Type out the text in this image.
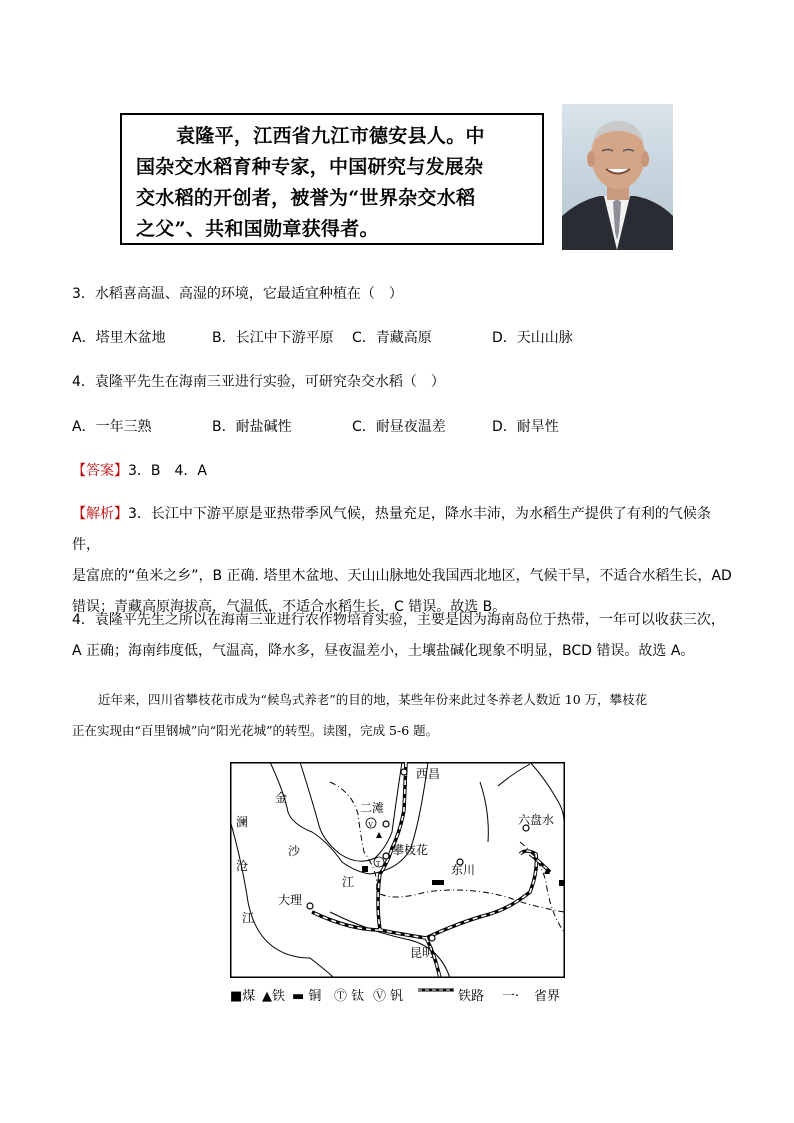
袁隆平，江西省九江市德安县人。中
国杂交水稻育种专家，中国研究与发展杂
交水稻的开创者，被誉为“世界杂交水稻
之父”、共和国勋章获得者。
3．水稻喜高温、高湿的环境，它最适宜种植在（　）
A．塔里木盆地	B．长江中下游平原 C．青藏高原	D．天山山脉
4．袁隆平先生在海南三亚进行实验，可研究杂交水稻（　）
A．一年三熟	B．耐盐碱性	C．耐昼夜温差	D．耐旱性
【答案】3．B　4．A
【解析】3．长江中下游平原是亚热带季风气候，热量充足，降水丰沛，为水稻生产提供了有利的气候条件，
是富庶的“鱼米之乡”，B 正确. 塔里木盆地、天山山脉地处我国西北地区，气候干旱，不适合水稻生长，AD
错误；青藏高原海拔高，气温低，不适合水稻生长，C 错误。故选 B。
4．袁隆平先生之所以在海南三亚进行农作物培育实验，主要是因为海南岛位于热带，一年可以收获三次，
A 正确；海南纬度低，气温高，降水多，昼夜温差小，土壤盐碱化现象不明显，BCD 错误。故选 A。
近年来，四川省攀枝花市成为“候鸟式养老”的目的地，某些年份来此过冬养老人数近 10 万，攀枝花
正在实现由“百里钢城”向“阳光花城”的转型。读图，完成 5-6 题。
金
沙
江
澜
沧
江
西昌
二滩
攀枝花
东川
六盘水
大理
昆明
V
T
■煤 ▲铁 ▬ 铜 Ⓣ 钛 Ⓥ 钒	铁路 一· 省界
